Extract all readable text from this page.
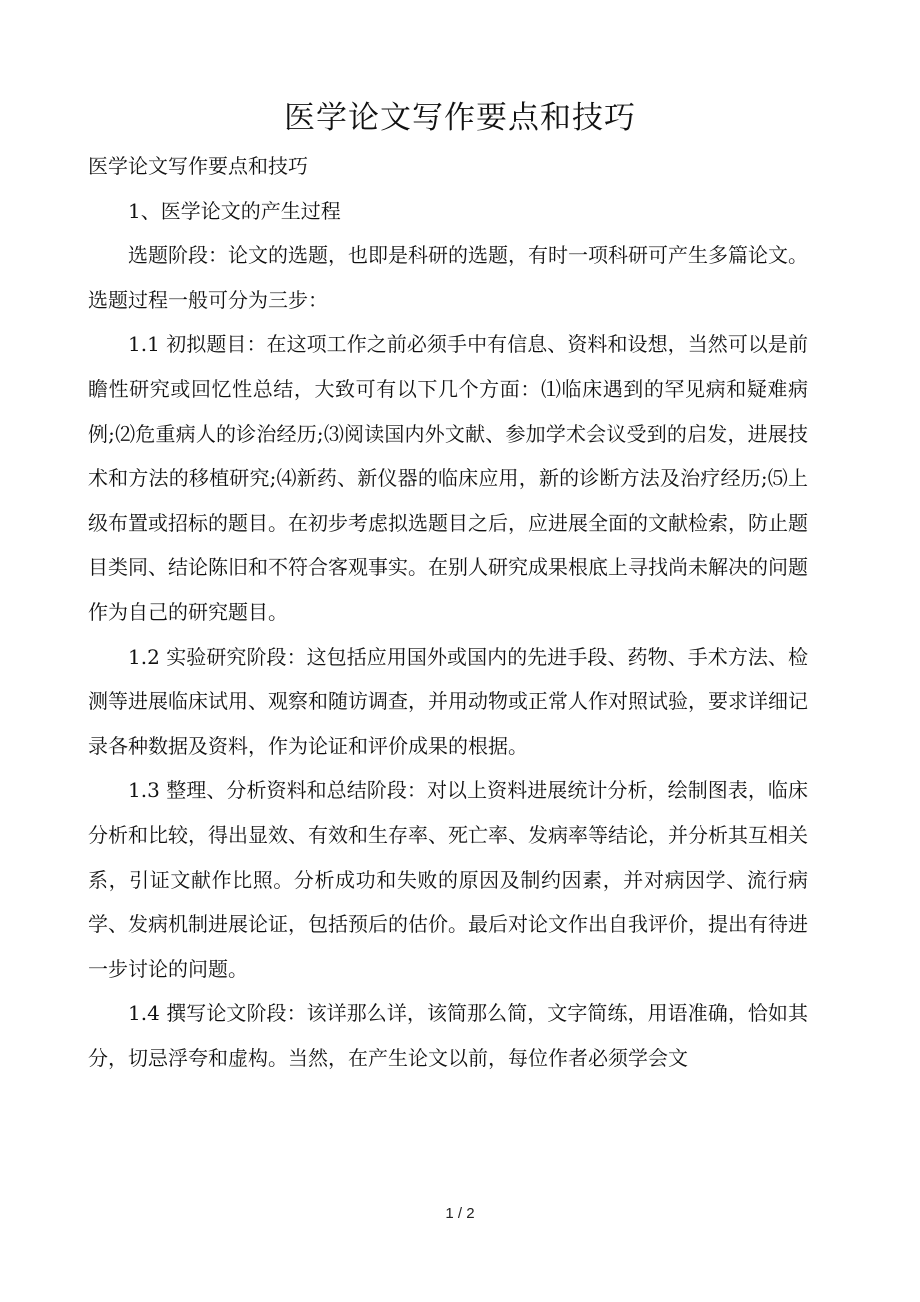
医学论文写作要点和技巧

医学论文写作要点和技巧

1、医学论文的产生过程

选题阶段：论文的选题，也即是科研的选题，有时一项科研可产生多篇论文。选题过程一般可分为三步：

1.1 初拟题目：在这项工作之前必须手中有信息、资料和设想，当然可以是前瞻性研究或回忆性总结，大致可有以下几个方面：⑴临床遇到的罕见病和疑难病例;⑵危重病人的诊治经历;⑶阅读国内外文献、参加学术会议受到的启发，进展技术和方法的移植研究;⑷新药、新仪器的临床应用，新的诊断方法及治疗经历;⑸上级布置或招标的题目。在初步考虑拟选题目之后，应进展全面的文献检索，防止题目类同、结论陈旧和不符合客观事实。在别人研究成果根底上寻找尚未解决的问题作为自己的研究题目。

1.2 实验研究阶段：这包括应用国外或国内的先进手段、药物、手术方法、检测等进展临床试用、观察和随访调查，并用动物或正常人作对照试验，要求详细记录各种数据及资料，作为论证和评价成果的根据。

1.3 整理、分析资料和总结阶段：对以上资料进展统计分析，绘制图表，临床分析和比较，得出显效、有效和生存率、死亡率、发病率等结论，并分析其互相关系，引证文献作比照。分析成功和失败的原因及制约因素，并对病因学、流行病学、发病机制进展论证，包括预后的估价。最后对论文作出自我评价，提出有待进一步讨论的问题。

1.4 撰写论文阶段：该详那么详，该简那么简，文字简练，用语准确，恰如其分，切忌浮夸和虚构。当然，在产生论文以前，每位作者必须学会文

1 / 2
